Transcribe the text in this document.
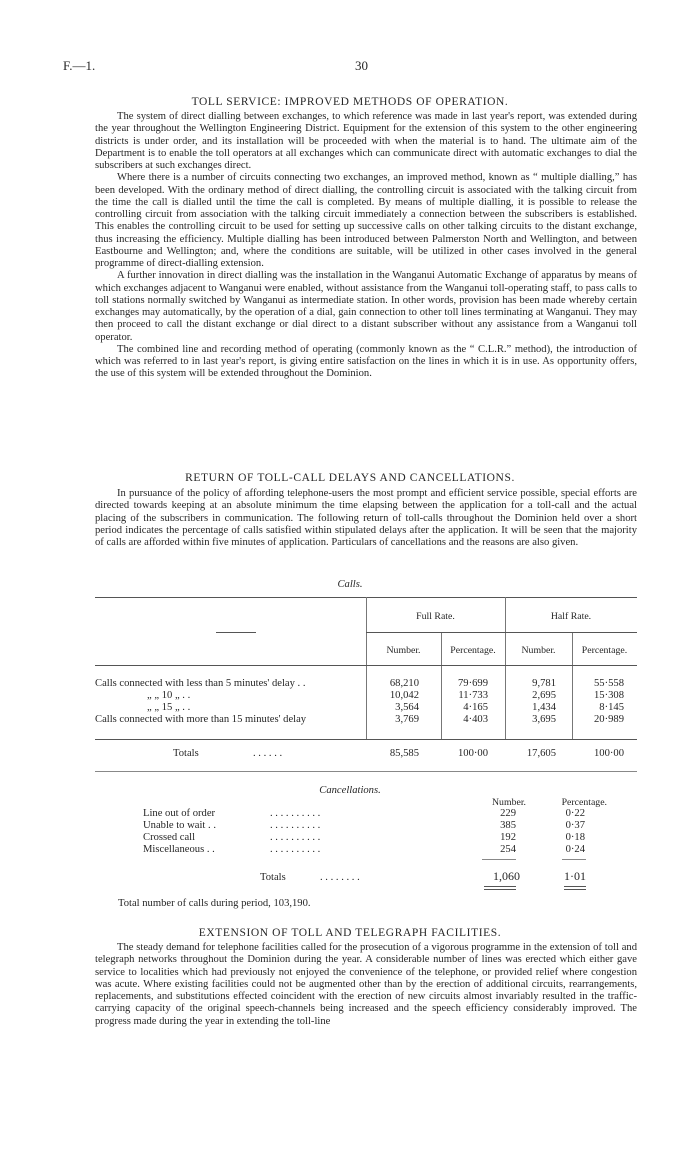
F.—1.	30
TOLL SERVICE: IMPROVED METHODS OF OPERATION.

The system of direct dialling between exchanges, to which reference was made in last year's report, was extended during the year throughout the Wellington Engineering District. Equipment for the extension of this system to the other engineering districts is under order, and its installation will be proceeded with when the material is to hand. The ultimate aim of the Department is to enable the toll operators at all exchanges which can communicate direct with automatic exchanges to dial the subscribers at such exchanges direct.

Where there is a number of circuits connecting two exchanges, an improved method, known as “ multiple dialling,” has been developed. With the ordinary method of direct dialling, the controlling circuit is associated with the talking circuit from the time the call is dialled until the time the call is completed. By means of multiple dialling, it is possible to release the controlling circuit from association with the talking circuit immediately a connection between the subscribers is established. This enables the controlling circuit to be used for setting up successive calls on other talking circuits to the distant exchange, thus increasing the efficiency. Multiple dialling has been introduced between Palmerston North and Wellington, and between Eastbourne and Wellington; and, where the conditions are suitable, will be utilized in other cases involved in the general programme of direct-dialling extension.

A further innovation in direct dialling was the installation in the Wanganui Automatic Exchange of apparatus by means of which exchanges adjacent to Wanganui were enabled, without assistance from the Wanganui toll-operating staff, to pass calls to toll stations normally switched by Wanganui as intermediate station. In other words, provision has been made whereby certain exchanges may automatically, by the operation of a dial, gain connection to other toll lines terminating at Wanganui. They may then proceed to call the distant exchange or dial direct to a distant subscriber without any assistance from a Wanganui toll operator.

The combined line and recording method of operating (commonly known as the “ C.L.R.” method), the introduction of which was referred to in last year's report, is giving entire satisfaction on the lines in which it is in use. As opportunity offers, the use of this system will be extended throughout the Dominion.

RETURN OF TOLL-CALL DELAYS AND CANCELLATIONS.

In pursuance of the policy of affording telephone-users the most prompt and efficient service possible, special efforts are directed towards keeping at an absolute minimum the time elapsing between the application for a toll-call and the actual placing of the subscribers in communication. The following return of toll-calls throughout the Dominion held over a short period indicates the percentage of calls satisfied within stipulated delays after the application. It will be seen that the majority of calls are afforded within five minutes of application. Particulars of cancellations and the reasons are also given.

Calls.
Full Rate.	Half Rate.
Number.	Percentage.	Number.	Percentage.
Calls connected with less than 5 minutes' delay . .	68,210	79·699	9,781	55·558
„ „ 10 „ . .	10,042	11·733	2,695	15·308
„ „ 15 „ . .	3,564	4·165	1,434	8·145
Calls connected with more than 15 minutes' delay	3,769	4·403	3,695	20·989
Totals	. . . . . .	85,585	100·00	17,605	100·00
Cancellations.
Number.	Percentage.
Line out of order	. . . . . . . . . .	229	0·22
Unable to wait . .	. . . . . . . . . .	385	0·37
Crossed call	. . . . . . . . . .	192	0·18
Miscellaneous . .	. . . . . . . . . .	254	0·24
Totals	. . . . . . . .	1,060	1·01
Total number of calls during period, 103,190.
EXTENSION OF TOLL AND TELEGRAPH FACILITIES.

The steady demand for telephone facilities called for the prosecution of a vigorous programme in the extension of toll and telegraph networks throughout the Dominion during the year. A considerable number of lines was erected which either gave service to localities which had previously not enjoyed the convenience of the telephone, or provided relief where congestion was acute. Where existing facilities could not be augmented other than by the erection of additional circuits, rearrangements, replacements, and substitutions effected coincident with the erection of new circuits almost invariably resulted in the traffic-carrying capacity of the original speech-channels being increased and the speech efficiency considerably improved. The progress made during the year in extending the toll-line
